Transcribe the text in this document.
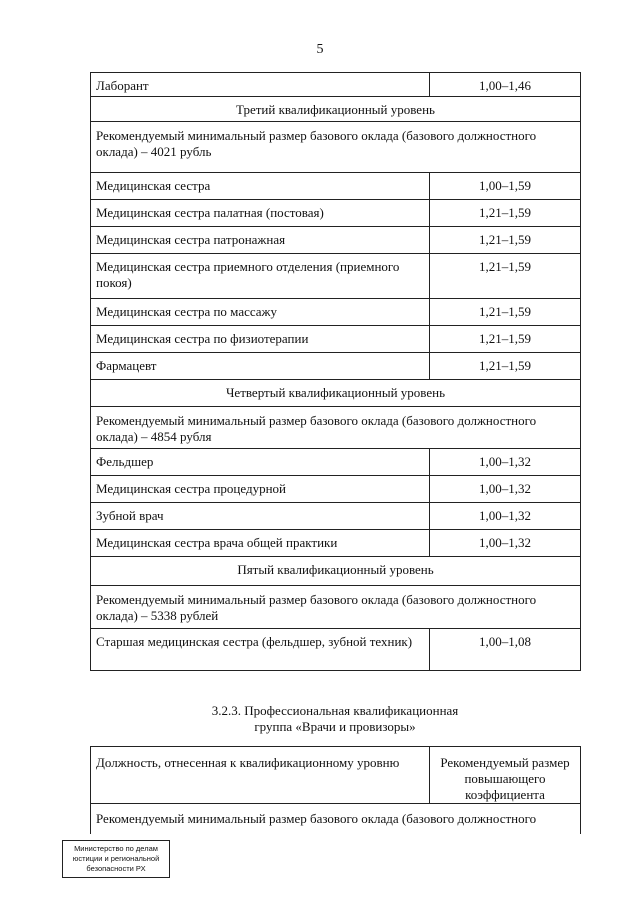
5
Лаборант	1,00–1,46
Третий квалификационный уровень	
Рекомендуемый минимальный размер базового оклада (базового должностного оклада) – 4021 рубль	
Медицинская сестра	1,00–1,59
Медицинская сестра палатная (постовая)	1,21–1,59
Медицинская сестра патронажная	1,21–1,59
Медицинская сестра приемного отделения (приемного покоя)	1,21–1,59
Медицинская сестра по массажу	1,21–1,59
Медицинская сестра по физиотерапии	1,21–1,59
Фармацевт	1,21–1,59
Четвертый квалификационный уровень	
Рекомендуемый минимальный размер базового оклада (базового должностного оклада) – 4854 рубля	
Фельдшер	1,00–1,32
Медицинская сестра процедурной	1,00–1,32
Зубной врач	1,00–1,32
Медицинская сестра врача общей практики	1,00–1,32
Пятый квалификационный уровень	
Рекомендуемый минимальный размер базового оклада (базового должностного оклада) – 5338 рублей	
Старшая медицинская сестра (фельдшер, зубной техник)	1,00–1,08
3.2.3. Профессиональная квалификационная
группа «Врачи и провизоры»
Должность, отнесенная к квалификационному уровню	Рекомендуемый размер повышающего коэффициента
Рекомендуемый минимальный размер базового оклада (базового должностного
Министерство по делам
юстиции и региональной
безопасности РХ
